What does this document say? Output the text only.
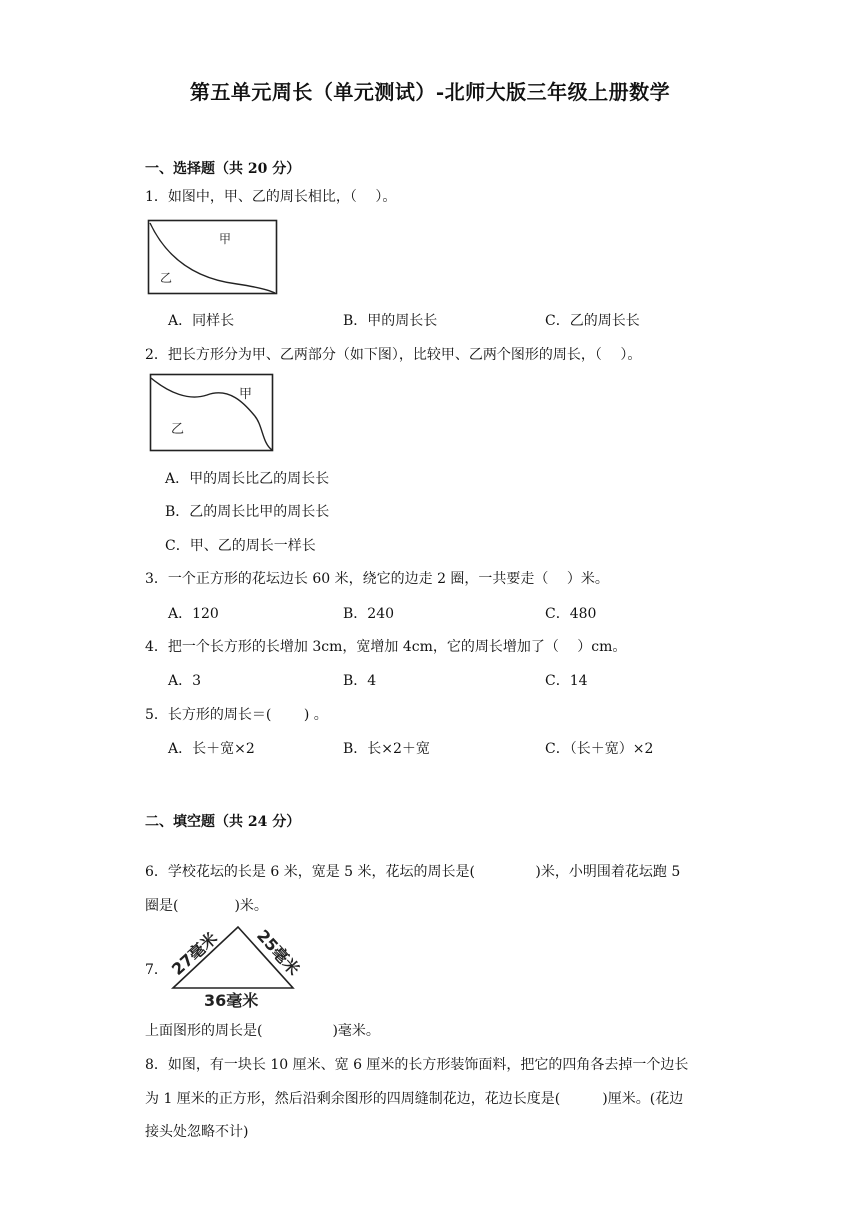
第五单元周长（单元测试）-北师大版三年级上册数学
一、选择题（共 20 分）
1．如图中，甲、乙的周长相比，（　 ）。
甲
乙
A．同样长	B．甲的周长长	C．乙的周长长
2．把长方形分为甲、乙两部分（如下图），比较甲、乙两个图形的周长，（　 ）。
甲
乙
A．甲的周长比乙的周长长
B．乙的周长比甲的周长长
C．甲、乙的周长一样长
3．一个正方形的花坛边长 60 米，绕它的边走 2 圈，一共要走（　 ）米。
A．120	B．240	C．480
4．把一个长方形的长增加 3cm，宽增加 4cm，它的周长增加了（　 ）cm。
A．3	B．4	C．14
5．长方形的周长＝(　　 ) 。
A．长＋宽×2	B．长×2＋宽	C．（长＋宽）×2
二、填空题（共 24 分）
6．学校花坛的长是 6 米，宽是 5 米，花坛的周长是(　　　　 )米，小明围着花坛跑 5
圈是(　　　　)米。
7． 27毫米 25毫米
36毫米
上面图形的周长是(　　　　　)毫米。
8．如图，有一块长 10 厘米、宽 6 厘米的长方形装饰面料，把它的四角各去掉一个边长
为 1 厘米的正方形，然后沿剩余图形的四周缝制花边，花边长度是(　　　)厘米。(花边
接头处忽略不计)
